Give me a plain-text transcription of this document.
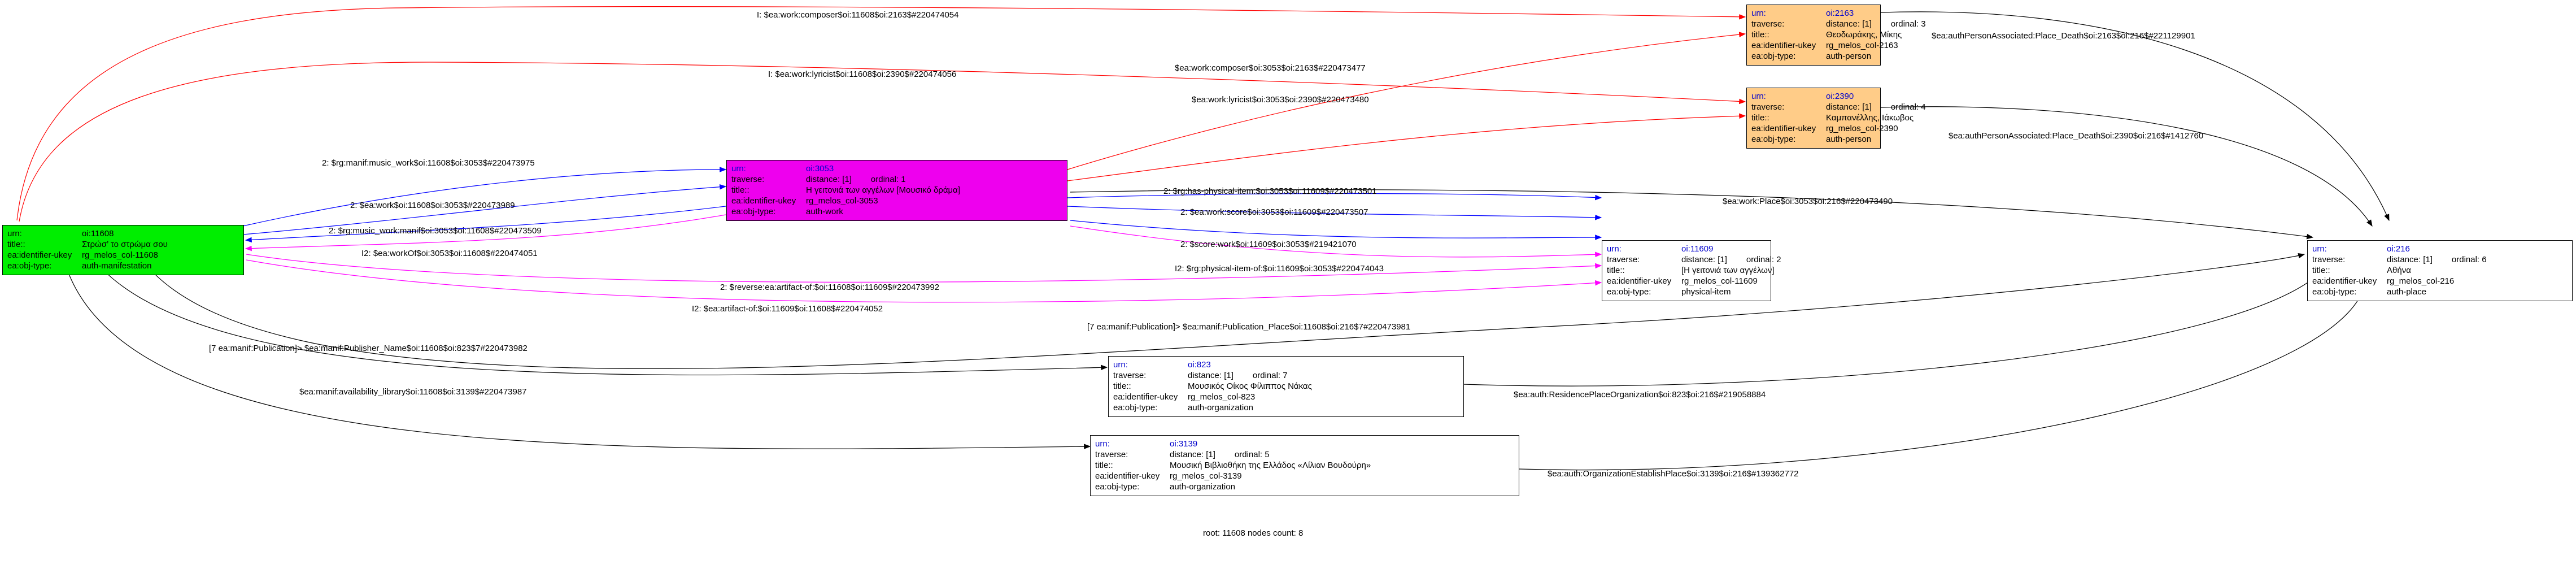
urn:	oi:11608
title::	Στρώσ’ το στρώμα σου
ea:identifier-ukey	rg_melos_col-11608
ea:obj-type:	auth-manifestation
urn:	oi:3053
traverse:	distance: [1] ordinal: 1
title::	Η γειτονιά των αγγέλων [Μουσικό δράμα]
ea:identifier-ukey	rg_melos_col-3053
ea:obj-type:	auth-work
urn:	oi:2163
traverse:	distance: [1] ordinal: 3
title::	Θεοδωράκης, Μίκης
ea:identifier-ukey	rg_melos_col-2163
ea:obj-type:	auth-person
urn:	oi:2390
traverse:	distance: [1] ordinal: 4
title::	Καμπανέλλης, Ιάκωβος
ea:identifier-ukey	rg_melos_col-2390
ea:obj-type:	auth-person
urn:	oi:11609
traverse:	distance: [1] ordinal: 2
title::	[Η γειτονιά των αγγέλων]
ea:identifier-ukey	rg_melos_col-11609
ea:obj-type:	physical-item
urn:	oi:216
traverse:	distance: [1] ordinal: 6
title::	Αθήνα
ea:identifier-ukey	rg_melos_col-216
ea:obj-type:	auth-place
urn:	oi:823
traverse:	distance: [1] ordinal: 7
title::	Μουσικός Οίκος Φίλιππος Νάκας
ea:identifier-ukey	rg_melos_col-823
ea:obj-type:	auth-organization
urn:	oi:3139
traverse:	distance: [1] ordinal: 5
title::	Μουσική Βιβλιοθήκη της Ελλάδος «Λίλιαν Βουδούρη»
ea:identifier-ukey	rg_melos_col-3139
ea:obj-type:	auth-organization
I: $ea:work:composer$oi:11608$oi:2163$#220474054
I: $ea:work:lyricist$oi:11608$oi:2390$#220474056
$ea:work:composer$oi:3053$oi:2163$#220473477
$ea:work:lyricist$oi:3053$oi:2390$#220473480
$ea:authPersonAssociated:Place_Death$oi:2163$oi:216$#221129901
$ea:authPersonAssociated:Place_Death$oi:2390$oi:216$#1412760
$ea:work:Place$oi:3053$oi:216$#220473490
2: $rg:manif:music_work$oi:11608$oi:3053$#220473975
2: $ea:work$oi:11608$oi:3053$#220473989
2: $rg:music_work:manif$oi:3053$oi:11608$#220473509
I2: $ea:workOf$oi:3053$oi:11608$#220474051
2: $rg:has-physical-item:$oi:3053$oi:11609$#220473501
2: $ea:work:score$oi:3053$oi:11609$#220473507
2: $score:work$oi:11609$oi:3053$#219421070
I2: $rg:physical-item-of:$oi:11609$oi:3053$#220474043
2: $reverse:ea:artifact-of:$oi:11608$oi:11609$#220473992
I2: $ea:artifact-of:$oi:11609$oi:11608$#220474052
[7 ea:manif:Publication]> $ea:manif:Publication_Place$oi:11608$oi:216$7#220473981
[7 ea:manif:Publication]> $ea:manif:Publisher_Name$oi:11608$oi:823$7#220473982
$ea:manif:availability_library$oi:11608$oi:3139$#220473987	$ea:auth:ResidencePlaceOrganization$oi:823$oi:216$#219058884
$ea:auth:OrganizationEstablishPlace$oi:3139$oi:216$#139362772
root: 11608 nodes count: 8
